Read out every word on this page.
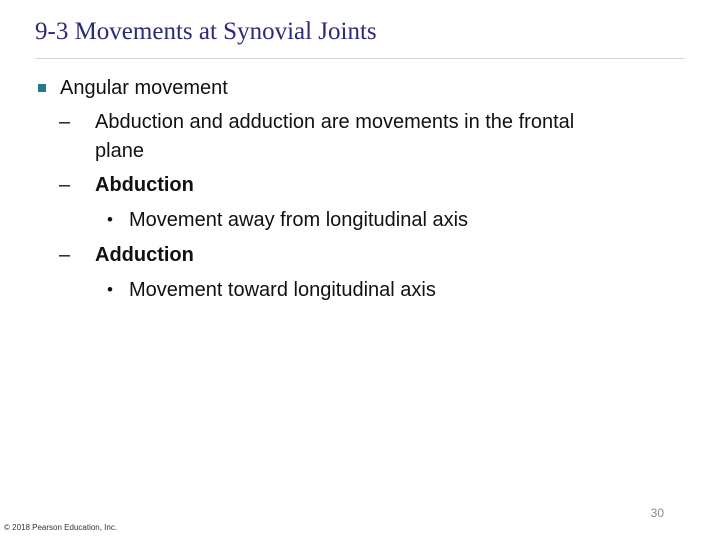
9-3 Movements at Synovial Joints
Angular movement
– Abduction and adduction are movements in the frontal
plane
– Abduction
• Movement away from longitudinal axis
– Adduction
• Movement toward longitudinal axis
© 2018 Pearson Education, Inc.
30
